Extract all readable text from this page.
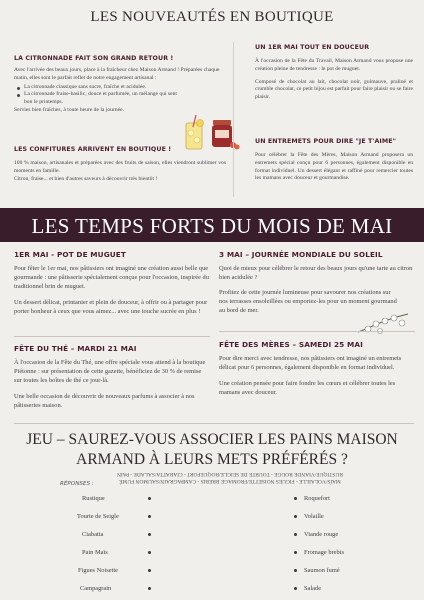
LES NOUVEAUTÉS EN BOUTIQUE
LA CITRONNADE FAIT SON GRAND RETOUR !
Avec l'arrivée des beaux jours, place à la fraîcheur chez Maison Armand ! Préparées chaque matin, elles sont le parfait reflet de notre engagement artisanal :
La citronnade classique sans sucre, fraîche et acidulée.
La citronnade fraise-basilic, douce et parfumée, un mélange qui sent bon le printemps.
Servies bien fraîches, à toute heure de la journée.
LES CONFITURES ARRIVENT EN BOUTIQUE !
100 % maison, artisanales et préparées avec des fruits de saison, elles viendront sublimer vos moments en famille.
Citron, fraise... et bien d'autres saveurs à découvrir très bientôt !
UN 1ER MAI TOUT EN DOUCEUR
À l'occasion de la Fête du Travail, Maison Armand vous propose une création pleine de tendresse : le pot de muguet.
Composé de chocolat au lait, chocolat noir, guimauve, praliné et crumble chocolat, ce petit bijou est parfait pour faire plaisir ou se faire plaisir.
UN ENTREMETS POUR DIRE "JE T'AIME"
Pour célébrer la Fête des Mères, Maison Armand proposera un entremets spécial conçu pour 6 personnes, également disponible en format individuel. Un dessert élégant et raffiné pour remercier toutes les mamans avec douceur et gourmandise.
LES TEMPS FORTS DU MOIS DE MAI
1ER MAI - POT DE MUGUET
Pour fêter le 1er mai, nos pâtissiers ont imaginé une création aussi belle que gourmande : une pâtisserie spécialement conçue pour l'occasion, inspirée du traditionnel brin de muguet.
Un dessert délicat, printanier et plein de douceur, à offrir ou à partager pour porter bonheur à ceux que vous aimez... avec une touche sucrée en plus !
FÊTE DU THÉ – MARDI 21 MAI
À l'occasion de la Fête du Thé, une offre spéciale vous attend à la boutique Piétonne : sur présentation de cette gazette, bénéficiez de 30 % de remise sur toutes les boîtes de thé ce jour-là.
Une belle occasion de découvrir de nouveaux parfums à associer à nos pâtisseries maison.
3 MAI – JOURNÉE MONDIALE DU SOLEIL
Quoi de mieux pour célébrer le retour des beaux jours qu'une tarte au citron bien acidulée ?
Profitez de cette journée lumineuse pour savourer nos créations sur nos terrasses ensoleillées ou emportez-les pour un moment gourmand au bord de mer.
FÊTE DES MÈRES – SAMEDI 25 MAI
Pour dire merci avec tendresse, nos pâtissiers ont imaginé un entremets délicat pour 6 personnes, également disponible en format individuel.
Une création pensée pour faire fondre les cœurs et célébrer toutes les mamans avec douceur.
JEU – SAUREZ-VOUS ASSOCIER LES PAINS MAISON
ARMAND À LEURS METS PRÉFÉRÉS ?
RUSTIQUE/VIANDE ROUGE - TOURTE DE SEIGLE/ROQUEFORT - CIABATTA/SALADE - PAIN
MAÏS/VOLAILLE - FIGUES NOISETTE/FROMAGE BREBIS - CAMPAGRAIN/SAUMON FUMÉ
RÉPONSES :
Rustique
Tourte de Seigle
Ciabatta
Pain Maïs
Figues Noisette
Campagrain
Roquefort
Volaille
Viande rouge
Fromage brebis
Saumon fumé
Salade
